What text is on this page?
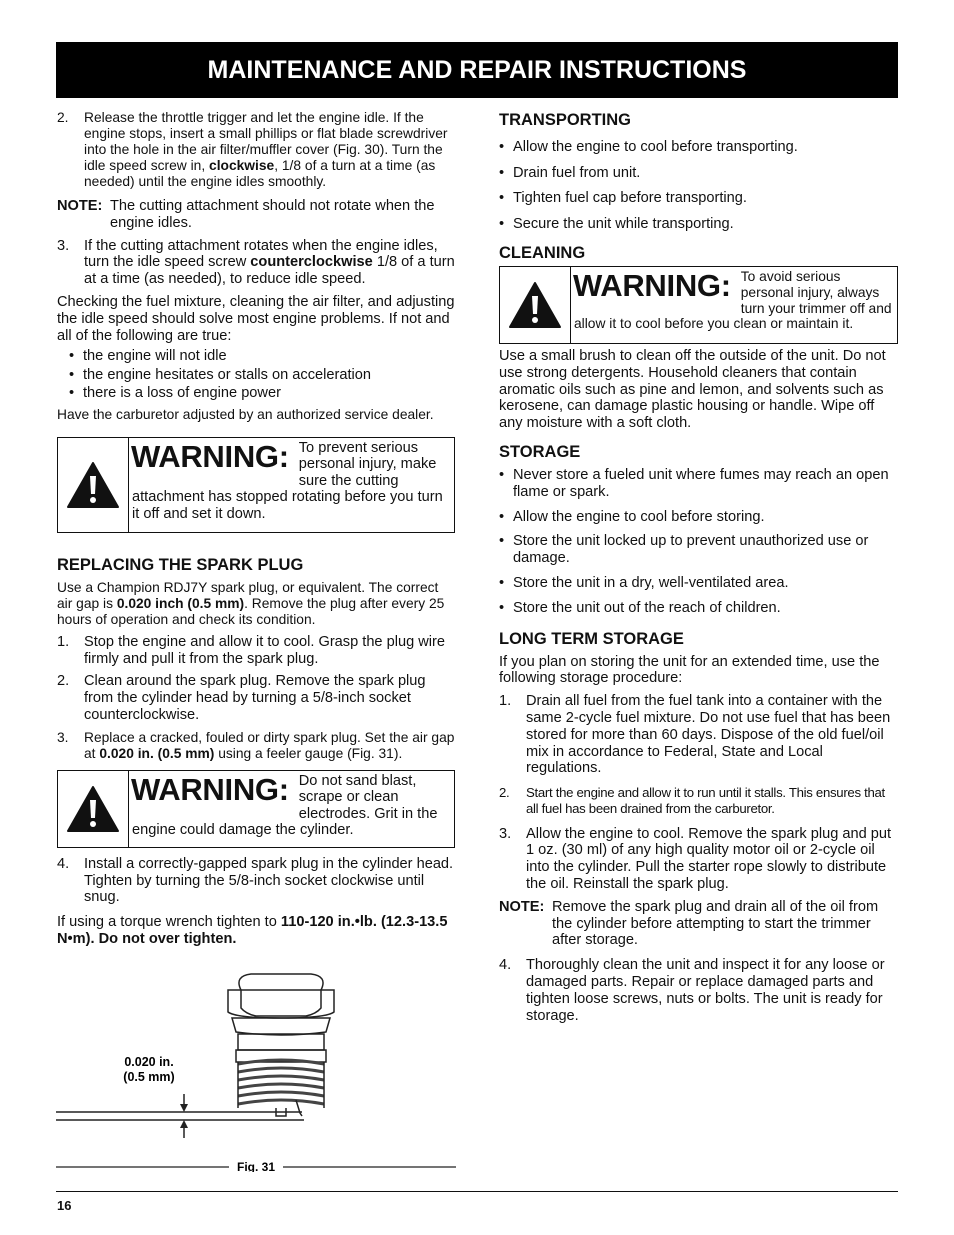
MAINTENANCE AND REPAIR INSTRUCTIONS
2.	Release the throttle trigger and let the engine idle. If the engine stops, insert a small phillips or flat blade screwdriver into the hole in the air filter/muffler cover (Fig. 30). Turn the idle speed screw in, clockwise, 1/8 of a turn at a time (as needed) until the engine idles smoothly.
NOTE: The cutting attachment should not rotate when the engine idles.
3.	If the cutting attachment rotates when the engine idles, turn the idle speed screw counterclockwise 1/8 of a turn at a time (as needed), to reduce idle speed.

Checking the fuel mixture, cleaning the air filter, and adjusting the idle speed should solve most engine problems. If not and all of the following are true:

• the engine will not idle
• the engine hesitates or stalls on acceleration
• there is a loss of engine power

Have the carburetor adjusted by an authorized service dealer.

WARNING: To prevent serious personal injury, make sure the cutting attachment has stopped rotating before you turn it off and set it down.
REPLACING THE SPARK PLUG

Use a Champion RDJ7Y spark plug, or equivalent. The correct air gap is 0.020 inch (0.5 mm). Remove the plug after every 25 hours of operation and check its condition.

1.	Stop the engine and allow it to cool. Grasp the plug wire firmly and pull it from the spark plug.
2.	Clean around the spark plug. Remove the spark plug from the cylinder head by turning a 5/8-inch socket counterclockwise.
3.	Replace a cracked, fouled or dirty spark plug. Set the air gap at 0.020 in. (0.5 mm) using a feeler gauge (Fig. 31).
WARNING: Do not sand blast, scrape or clean electrodes. Grit in the engine could damage the cylinder.
4.	Install a correctly-gapped spark plug in the cylinder head. Tighten by turning the 5/8-inch socket clockwise until snug.

If using a torque wrench tighten to 110-120 in.•lb. (12.3-13.5 N•m). Do not over tighten.

0.020 in.
(0.5 mm)
Fig. 31
TRANSPORTING
• Allow the engine to cool before transporting.
• Drain fuel from unit.
• Tighten fuel cap before transporting.
• Secure the unit while transporting.
CLEANING
WARNING: To avoid serious personal injury, always turn your trimmer off and allow it to cool before you clean or maintain it.

Use a small brush to clean off the outside of the unit. Do not use strong detergents. Household cleaners that contain aromatic oils such as pine and lemon, and solvents such as kerosene, can damage plastic housing or handle. Wipe off any moisture with a soft cloth.

STORAGE
• Never store a fueled unit where fumes may reach an open flame or spark.
• Allow the engine to cool before storing.
• Store the unit locked up to prevent unauthorized use or damage.
• Store the unit in a dry, well-ventilated area.
• Store the unit out of the reach of children.
LONG TERM STORAGE

If you plan on storing the unit for an extended time, use the following storage procedure:

1.	Drain all fuel from the fuel tank into a container with the same 2-cycle fuel mixture. Do not use fuel that has been stored for more than 60 days. Dispose of the old fuel/oil mix in accordance to Federal, State and Local regulations.
2.	Start the engine and allow it to run until it stalls. This ensures that all fuel has been drained from the carburetor.
3.	Allow the engine to cool. Remove the spark plug and put 1 oz. (30 ml) of any high quality motor oil or 2-cycle oil into the cylinder. Pull the starter rope slowly to distribute the oil. Reinstall the spark plug.
NOTE: Remove the spark plug and drain all of the oil from the cylinder before attempting to start the trimmer after storage.
4.	Thoroughly clean the unit and inspect it for any loose or damaged parts. Repair or replace damaged parts and tighten loose screws, nuts or bolts. The unit is ready for storage.
16
